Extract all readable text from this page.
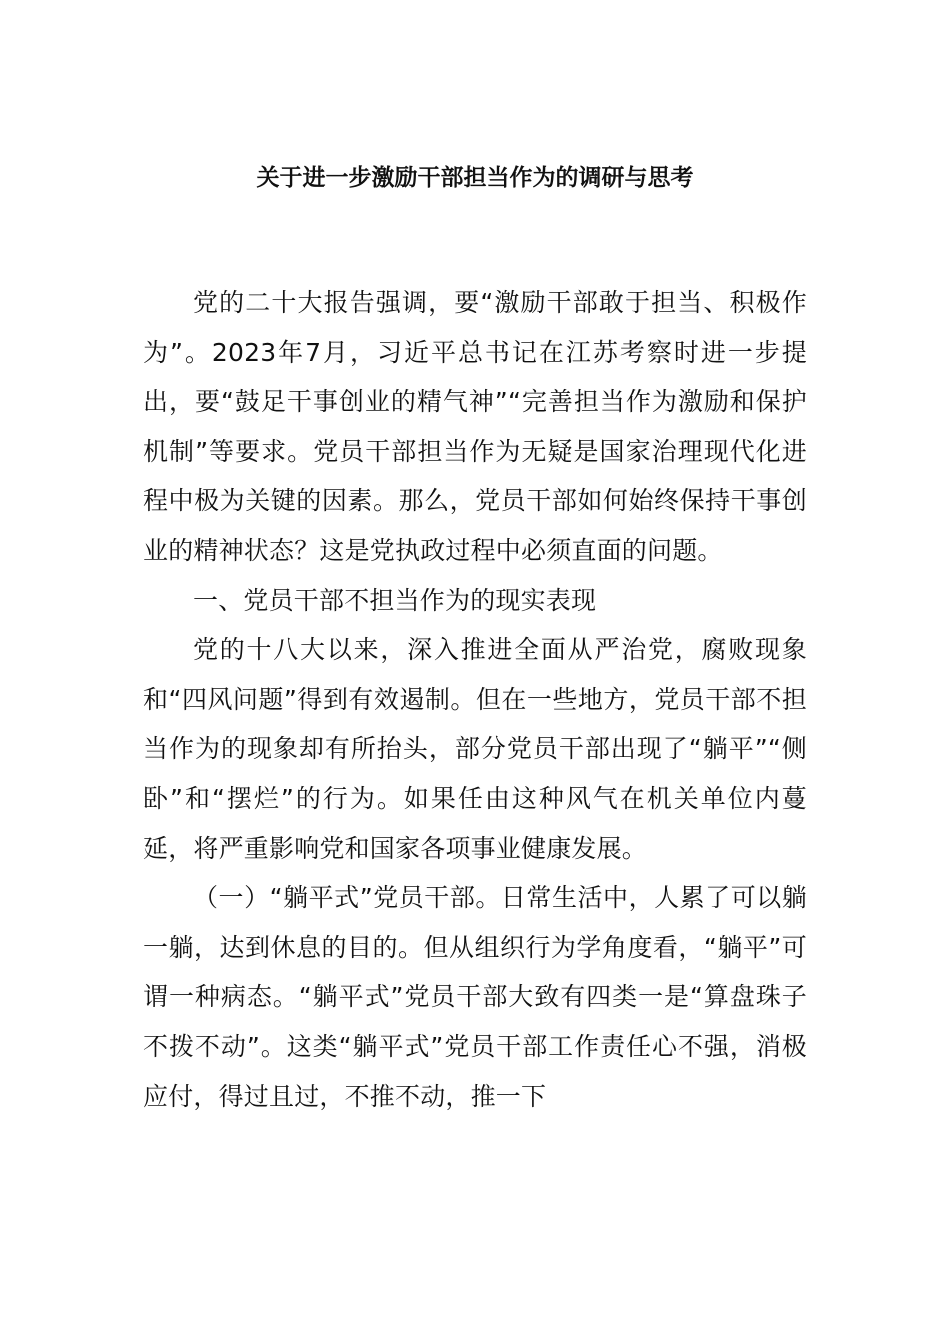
关于进一步激励干部担当作为的调研与思考

党的二十大报告强调，要“激励干部敢于担当、积极作为”。2023年7月，习近平总书记在江苏考察时进一步提出，要“鼓足干事创业的精气神”“完善担当作为激励和保护机制”等要求。党员干部担当作为无疑是国家治理现代化进程中极为关键的因素。那么，党员干部如何始终保持干事创业的精神状态？这是党执政过程中必须直面的问题。

一、党员干部不担当作为的现实表现

党的十八大以来，深入推进全面从严治党，腐败现象和“四风问题”得到有效遏制。但在一些地方，党员干部不担当作为的现象却有所抬头，部分党员干部出现了“躺平”“侧卧”和“摆烂”的行为。如果任由这种风气在机关单位内蔓延，将严重影响党和国家各项事业健康发展。

（一）“躺平式”党员干部。日常生活中，人累了可以躺一躺，达到休息的目的。但从组织行为学角度看，“躺平”可谓一种病态。“躺平式”党员干部大致有四类一是“算盘珠子不拨不动”。这类“躺平式”党员干部工作责任心不强，消极应付，得过且过，不推不动，推一下
